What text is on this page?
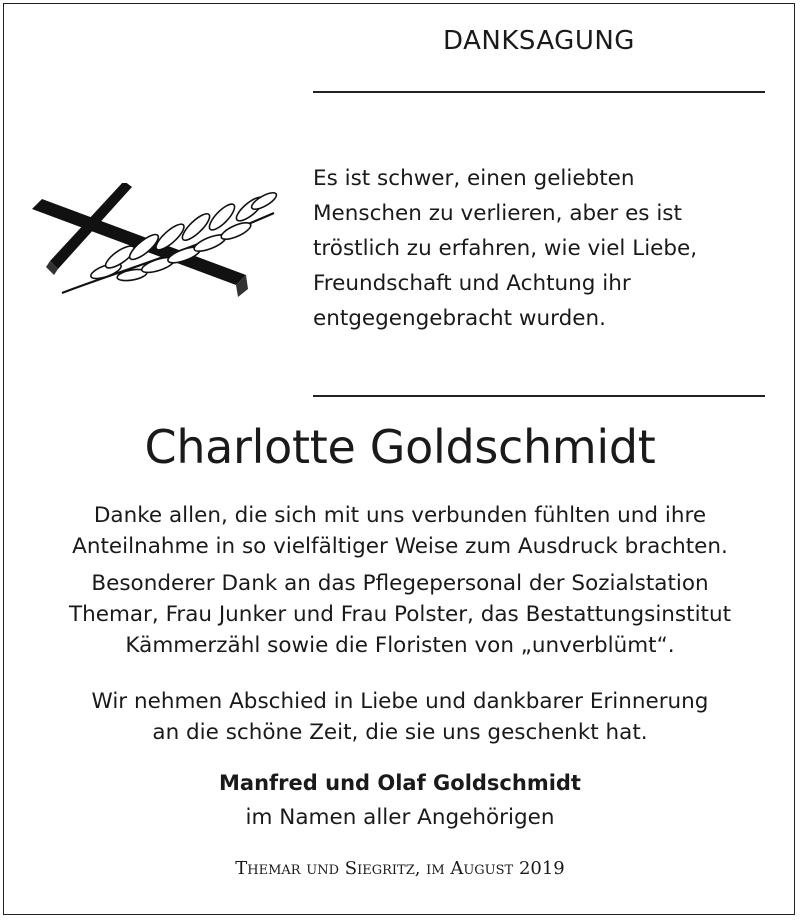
DANKSAGUNG
Es ist schwer, einen geliebten
Menschen zu verlieren, aber es ist
tröstlich zu erfahren, wie viel Liebe,
Freundschaft und Achtung ihr
entgegengebracht wurden.
Charlotte Goldschmidt
Danke allen, die sich mit uns verbunden fühlten und ihre
Anteilnahme in so vielfältiger Weise zum Ausdruck brachten.
Besonderer Dank an das Pflegepersonal der Sozialstation
Themar, Frau Junker und Frau Polster, das Bestattungsinstitut
Kämmerzähl sowie die Floristen von „unverblümt“.
Wir nehmen Abschied in Liebe und dankbarer Erinnerung
an die schöne Zeit, die sie uns geschenkt hat.
Manfred und Olaf Goldschmidt
im Namen aller Angehörigen
Themar und Siegritz, im August 2019
